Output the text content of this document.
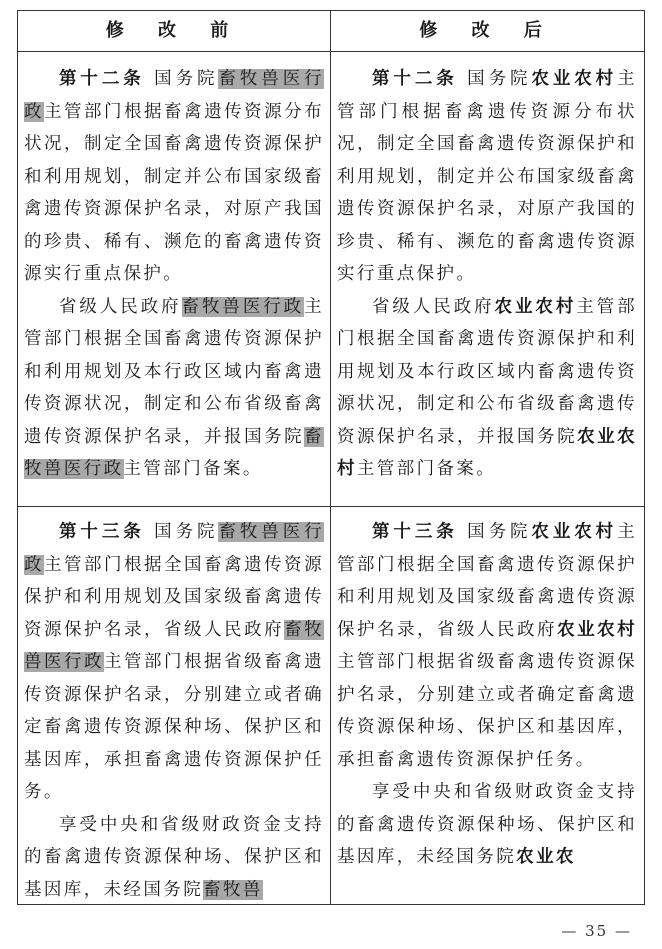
修 改 前	修 改 后

第十二条 国务院畜牧兽医行政主管部门根据畜禽遗传资源分布状况，制定全国畜禽遗传资源保护和利用规划，制定并公布国家级畜禽遗传资源保护名录，对原产我国的珍贵、稀有、濒危的畜禽遗传资源实行重点保护。

省级人民政府畜牧兽医行政主管部门根据全国畜禽遗传资源保护和利用规划及本行政区域内畜禽遗传资源状况，制定和公布省级畜禽遗传资源保护名录，并报国务院畜牧兽医行政主管部门备案。

第十二条 国务院农业农村主管部门根据畜禽遗传资源分布状况，制定全国畜禽遗传资源保护和利用规划，制定并公布国家级畜禽遗传资源保护名录，对原产我国的珍贵、稀有、濒危的畜禽遗传资源实行重点保护。

省级人民政府农业农村主管部门根据全国畜禽遗传资源保护和利用规划及本行政区域内畜禽遗传资源状况，制定和公布省级畜禽遗传资源保护名录，并报国务院农业农村主管部门备案。

第十三条 国务院畜牧兽医行政主管部门根据全国畜禽遗传资源保护和利用规划及国家级畜禽遗传资源保护名录，省级人民政府畜牧兽医行政主管部门根据省级畜禽遗传资源保护名录，分别建立或者确定畜禽遗传资源保种场、保护区和基因库，承担畜禽遗传资源保护任务。

享受中央和省级财政资金支持的畜禽遗传资源保种场、保护区和基因库，未经国务院畜牧兽

第十三条 国务院农业农村主管部门根据全国畜禽遗传资源保护和利用规划及国家级畜禽遗传资源保护名录，省级人民政府农业农村主管部门根据省级畜禽遗传资源保护名录，分别建立或者确定畜禽遗传资源保种场、保护区和基因库，承担畜禽遗传资源保护任务。

享受中央和省级财政资金支持的畜禽遗传资源保种场、保护区和基因库，未经国务院农业农

— 35 —
